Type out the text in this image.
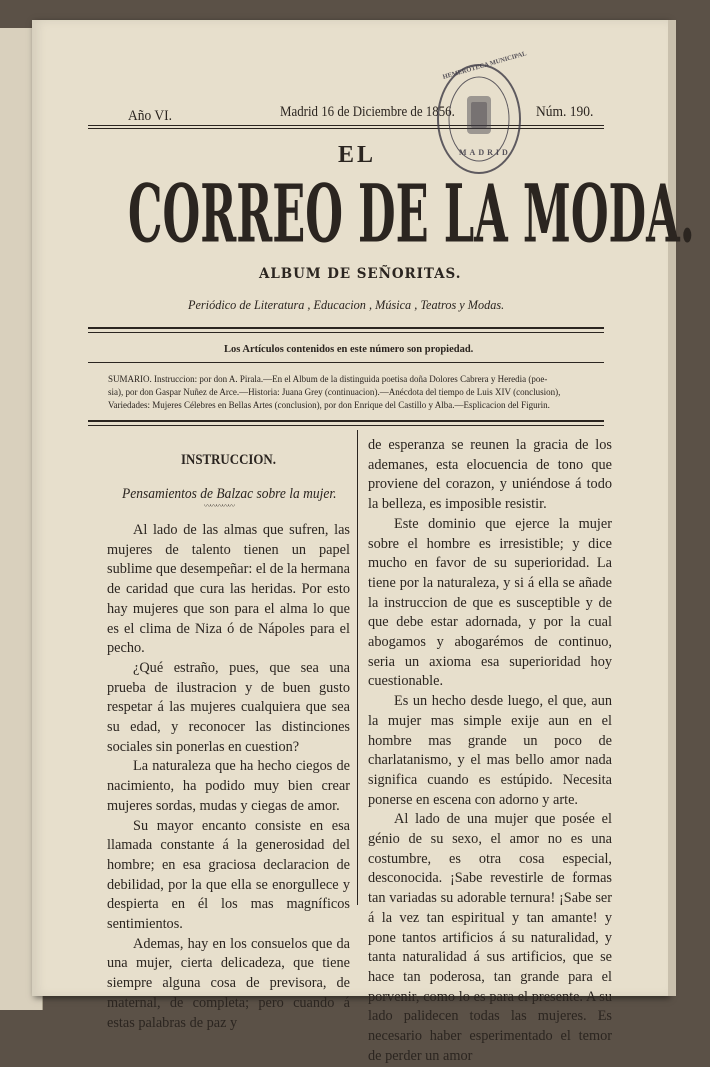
Año VI.	Madrid 16 de Diciembre de 1856.	Núm. 190.
HEMEROTECA MUNICIPAL
MADRID
EL
CORREO DE LA MODA.
ALBUM DE SEÑORITAS.
Periódico de Literatura , Educacion , Música , Teatros y Modas.
Los Artículos contenidos en este número son propiedad.
SUMARIO. Instruccion: por don A. Pirala.—En el Album de la distinguida poetisa doña Dolores Cabrera y Heredia (poe-
sia), por don Gaspar Nuñez de Arce.—Historia: Juana Grey (continuacion).—Anécdota del tiempo de Luis XIV (conclusion),
Variedades: Mujeres Célebres en Bellas Artes (conclusion), por don Enrique del Castillo y Alba.—Esplicacion del Figurin.
INSTRUCCION.
Pensamientos de Balzac sobre la mujer.
〰〰〰〰〰

Al lado de las almas que sufren, las mujeres de talento tienen un papel sublime que desempeñar: el de la hermana de caridad que cura las heridas. Por esto hay mujeres que son para el alma lo que es el clima de Niza ó de Nápoles para el pecho.

¿Qué estraño, pues, que sea una prueba de ilustracion y de buen gusto respetar á las mujeres cualquiera que sea su edad, y reconocer las distinciones sociales sin ponerlas en cuestion?

La naturaleza que ha hecho ciegos de nacimiento, ha podido muy bien crear mujeres sordas, mudas y ciegas de amor.

Su mayor encanto consiste en esa llamada constante á la generosidad del hombre; en esa graciosa declaracion de debilidad, por la que ella se enorgullece y despierta en él los mas magníficos sentimientos.

Ademas, hay en los consuelos que da una mujer, cierta delicadeza, que tiene siempre alguna cosa de previsora, de maternal, de completa; pero cuando á estas palabras de paz y

de esperanza se reunen la gracia de los ademanes, esta elocuencia de tono que proviene del corazon, y uniéndose á todo la belleza, es imposible resistir.

Este dominio que ejerce la mujer sobre el hombre es irresistible; y dice mucho en favor de su superioridad. La tiene por la naturaleza, y si á ella se añade la instruccion de que es susceptible y de que debe estar adornada, y por la cual abogamos y abogarémos de continuo, seria un axioma esa superioridad hoy cuestionable.

Es un hecho desde luego, el que, aun la mujer mas simple exije aun en el hombre mas grande un poco de charlatanismo, y el mas bello amor nada significa cuando es estúpido. Necesita ponerse en escena con adorno y arte.

Al lado de una mujer que posée el génio de su sexo, el amor no es una costumbre, es otra cosa especial, desconocida. ¡Sabe revestirle de formas tan variadas su adorable ternura! ¡Sabe ser á la vez tan espiritual y tan amante! y pone tantos artificios á su naturalidad, y tanta naturalidad á sus artificios, que se hace tan poderosa, tan grande para el porvenir, como lo es para el presente. A su lado palidecen todas las mujeres. Es necesario haber esperimentado el temor de perder un amor
